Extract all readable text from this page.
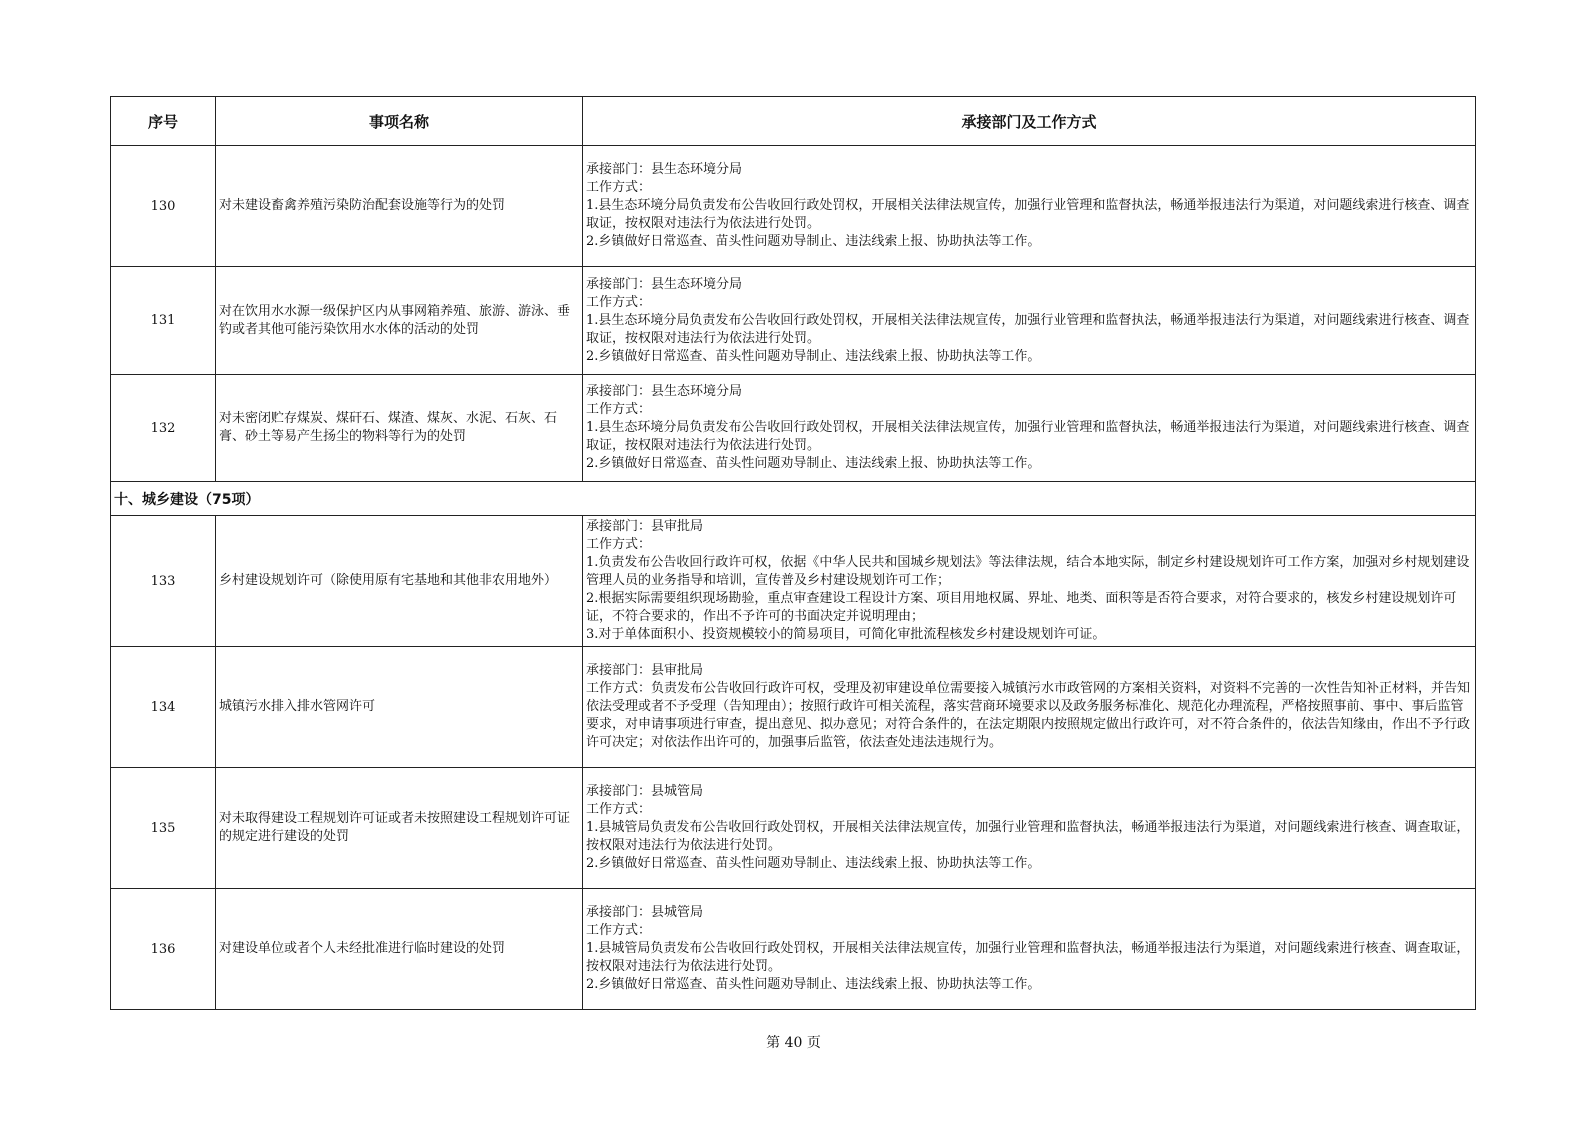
序号	事项名称	承接部门及工作方式
130	对未建设畜禽养殖污染防治配套设施等行为的处罚	承接部门：县生态环境分局
工作方式：
1.县生态环境分局负责发布公告收回行政处罚权，开展相关法律法规宣传，加强行业管理和监督执法，畅通举报违法行为渠道，对问题线索进行核查、调查取证，按权限对违法行为依法进行处罚。
2.乡镇做好日常巡查、苗头性问题劝导制止、违法线索上报、协助执法等工作。

131	对在饮用水水源一级保护区内从事网箱养殖、旅游、游泳、垂钓或者其他可能污染饮用水水体的活动的处罚	承接部门：县生态环境分局
工作方式：
1.县生态环境分局负责发布公告收回行政处罚权，开展相关法律法规宣传，加强行业管理和监督执法，畅通举报违法行为渠道，对问题线索进行核查、调查取证，按权限对违法行为依法进行处罚。
2.乡镇做好日常巡查、苗头性问题劝导制止、违法线索上报、协助执法等工作。

132	对未密闭贮存煤炭、煤矸石、煤渣、煤灰、水泥、石灰、石膏、砂土等易产生扬尘的物料等行为的处罚	承接部门：县生态环境分局
工作方式：
1.县生态环境分局负责发布公告收回行政处罚权，开展相关法律法规宣传，加强行业管理和监督执法，畅通举报违法行为渠道，对问题线索进行核查、调查取证，按权限对违法行为依法进行处罚。
2.乡镇做好日常巡查、苗头性问题劝导制止、违法线索上报、协助执法等工作。

十、城乡建设（75项）		
133	乡村建设规划许可（除使用原有宅基地和其他非农用地外）	承接部门：县审批局
工作方式：
1.负责发布公告收回行政许可权，依据《中华人民共和国城乡规划法》等法律法规，结合本地实际，制定乡村建设规划许可工作方案，加强对乡村规划建设管理人员的业务指导和培训，宣传普及乡村建设规划许可工作；
2.根据实际需要组织现场勘验，重点审查建设工程设计方案、项目用地权属、界址、地类、面积等是否符合要求，对符合要求的，核发乡村建设规划许可证，不符合要求的，作出不予许可的书面决定并说明理由；
3.对于单体面积小、投资规模较小的简易项目，可简化审批流程核发乡村建设规划许可证。

134	城镇污水排入排水管网许可	承接部门：县审批局
工作方式：负责发布公告收回行政许可权，受理及初审建设单位需要接入城镇污水市政管网的方案相关资料，对资料不完善的一次性告知补正材料，并告知依法受理或者不予受理（告知理由）；按照行政许可相关流程，落实营商环境要求以及政务服务标准化、规范化办理流程，严格按照事前、事中、事后监管要求，对申请事项进行审查，提出意见、拟办意见；对符合条件的，在法定期限内按照规定做出行政许可，对不符合条件的，依法告知缘由，作出不予行政许可决定；对依法作出许可的，加强事后监管，依法查处违法违规行为。

135	对未取得建设工程规划许可证或者未按照建设工程规划许可证的规定进行建设的处罚	承接部门：县城管局
工作方式：
1.县城管局负责发布公告收回行政处罚权，开展相关法律法规宣传，加强行业管理和监督执法，畅通举报违法行为渠道，对问题线索进行核查、调查取证，按权限对违法行为依法进行处罚。
2.乡镇做好日常巡查、苗头性问题劝导制止、违法线索上报、协助执法等工作。

136	对建设单位或者个人未经批准进行临时建设的处罚	承接部门：县城管局
工作方式：
1.县城管局负责发布公告收回行政处罚权，开展相关法律法规宣传，加强行业管理和监督执法，畅通举报违法行为渠道，对问题线索进行核查、调查取证，按权限对违法行为依法进行处罚。
2.乡镇做好日常巡查、苗头性问题劝导制止、违法线索上报、协助执法等工作。
第 40 页
